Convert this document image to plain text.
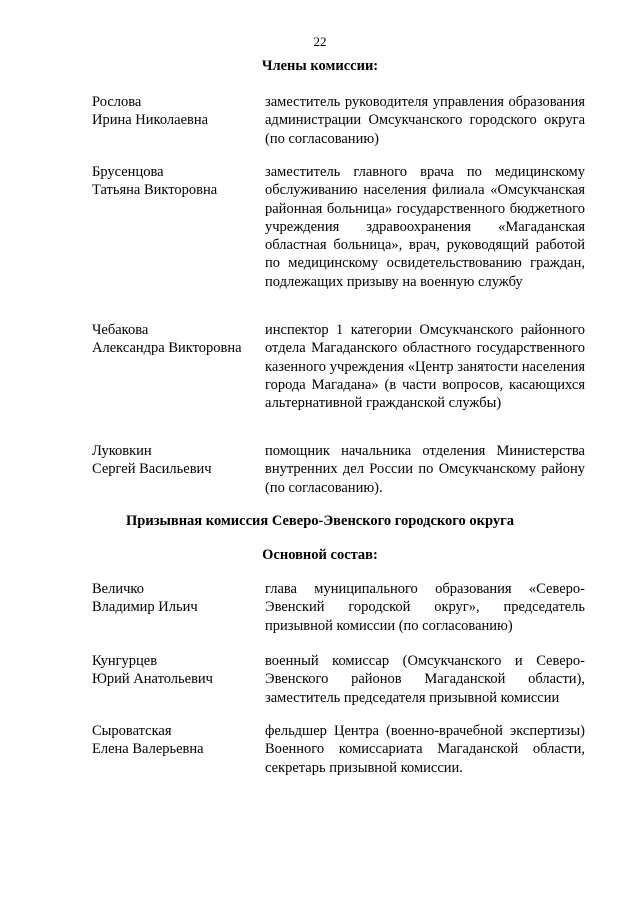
22
Члены комиссии:
Рослова
Ирина Николаевна
заместитель руководителя управления образования администрации Омсукчанского городского округа (по согласованию)
Брусенцова
Татьяна Викторовна
заместитель главного врача по медицинскому обслуживанию населения филиала «Омсукчанская районная больница» государственного бюджетного учреждения здравоохранения «Магаданская областная больница», врач, руководящий работой по медицинскому освидетельствованию граждан, подлежащих призыву на военную службу
Чебакова
Александра Викторовна
инспектор 1 категории Омсукчанского районного отдела Магаданского областного государственного казенного учреждения «Центр занятости населения города Магадана» (в части вопросов, касающихся альтернативной гражданской службы)
Луковкин
Сергей Васильевич
помощник начальника отделения Министерства внутренних дел России по Омсукчанскому району (по согласованию).
Призывная комиссия Северо-Эвенского городского округа
Основной состав:
Величко
Владимир Ильич
глава муниципального образования «Северо-Эвенский городской округ», председатель призывной комиссии (по согласованию)
Кунгурцев
Юрий Анатольевич
военный комиссар (Омсукчанского и Северо-Эвенского районов Магаданской области), заместитель председателя призывной комиссии
Сыроватская
Елена Валерьевна
фельдшер Центра (военно-врачебной экспертизы) Военного комиссариата Магаданской области, секретарь призывной комиссии.
